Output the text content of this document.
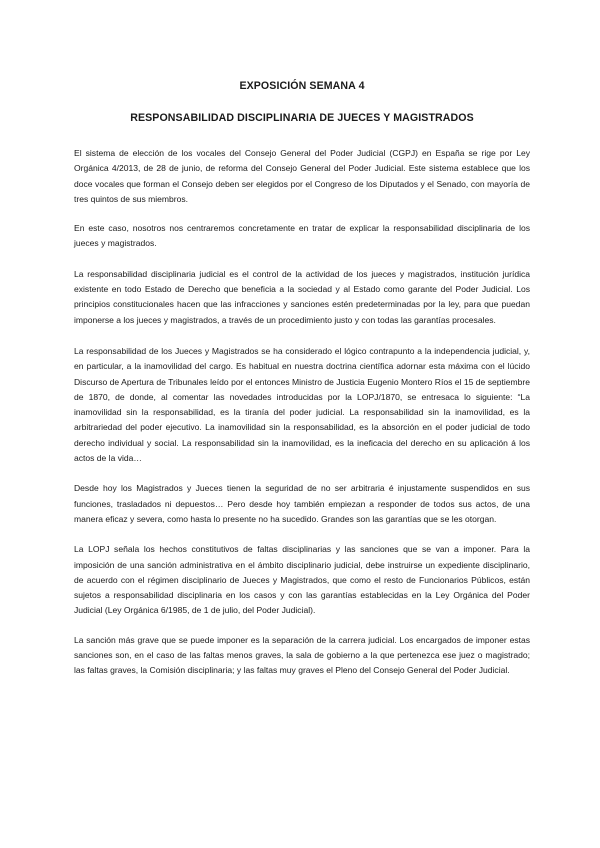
EXPOSICIÓN SEMANA 4
RESPONSABILIDAD DISCIPLINARIA DE JUECES Y MAGISTRADOS

El sistema de elección de los vocales del Consejo General del Poder Judicial (CGPJ) en España se rige por Ley Orgánica 4/2013, de 28 de junio, de reforma del Consejo General del Poder Judicial. Este sistema establece que los doce vocales que forman el Consejo deben ser elegidos por el Congreso de los Diputados y el Senado, con mayoría de tres quintos de sus miembros.

En este caso, nosotros nos centraremos concretamente en tratar de explicar la responsabilidad disciplinaria de los jueces y magistrados.

La responsabilidad disciplinaria judicial es el control de la actividad de los jueces y magistrados, institución jurídica existente en todo Estado de Derecho que beneficia a la sociedad y al Estado como garante del Poder Judicial. Los principios constitucionales hacen que las infracciones y sanciones estén predeterminadas por la ley, para que puedan imponerse a los jueces y magistrados, a través de un procedimiento justo y con todas las garantías procesales.

La responsabilidad de los Jueces y Magistrados se ha considerado el lógico contrapunto a la independencia judicial, y, en particular, a la inamovilidad del cargo. Es habitual en nuestra doctrina científica adornar esta máxima con el lúcido Discurso de Apertura de Tribunales leído por el entonces Ministro de Justicia Eugenio Montero Ríos el 15 de septiembre de 1870, de donde, al comentar las novedades introducidas por la LOPJ/1870, se entresaca lo siguiente: “La inamovilidad sin la responsabilidad, es la tiranía del poder judicial. La responsabilidad sin la inamovilidad, es la arbitrariedad del poder ejecutivo. La inamovilidad sin la responsabilidad, es la absorción en el poder judicial de todo derecho individual y social. La responsabilidad sin la inamovilidad, es la ineficacia del derecho en su aplicación á los actos de la vida…

Desde hoy los Magistrados y Jueces tienen la seguridad de no ser arbitraria é injustamente suspendidos en sus funciones, trasladados ni depuestos… Pero desde hoy también empiezan a responder de todos sus actos, de una manera eficaz y severa, como hasta lo presente no ha sucedido. Grandes son las garantías que se les otorgan.

La LOPJ señala los hechos constitutivos de faltas disciplinarias y las sanciones que se van a imponer. Para la imposición de una sanción administrativa en el ámbito disciplinario judicial, debe instruirse un expediente disciplinario, de acuerdo con el régimen disciplinario de Jueces y Magistrados, que como el resto de Funcionarios Públicos, están sujetos a responsabilidad disciplinaria en los casos y con las garantías establecidas en la Ley Orgánica del Poder Judicial (Ley Orgánica 6/1985, de 1 de julio, del Poder Judicial).

La sanción más grave que se puede imponer es la separación de la carrera judicial. Los encargados de imponer estas sanciones son, en el caso de las faltas menos graves, la sala de gobierno a la que pertenezca ese juez o magistrado; las faltas graves, la Comisión disciplinaria; y las faltas muy graves el Pleno del Consejo General del Poder Judicial.
